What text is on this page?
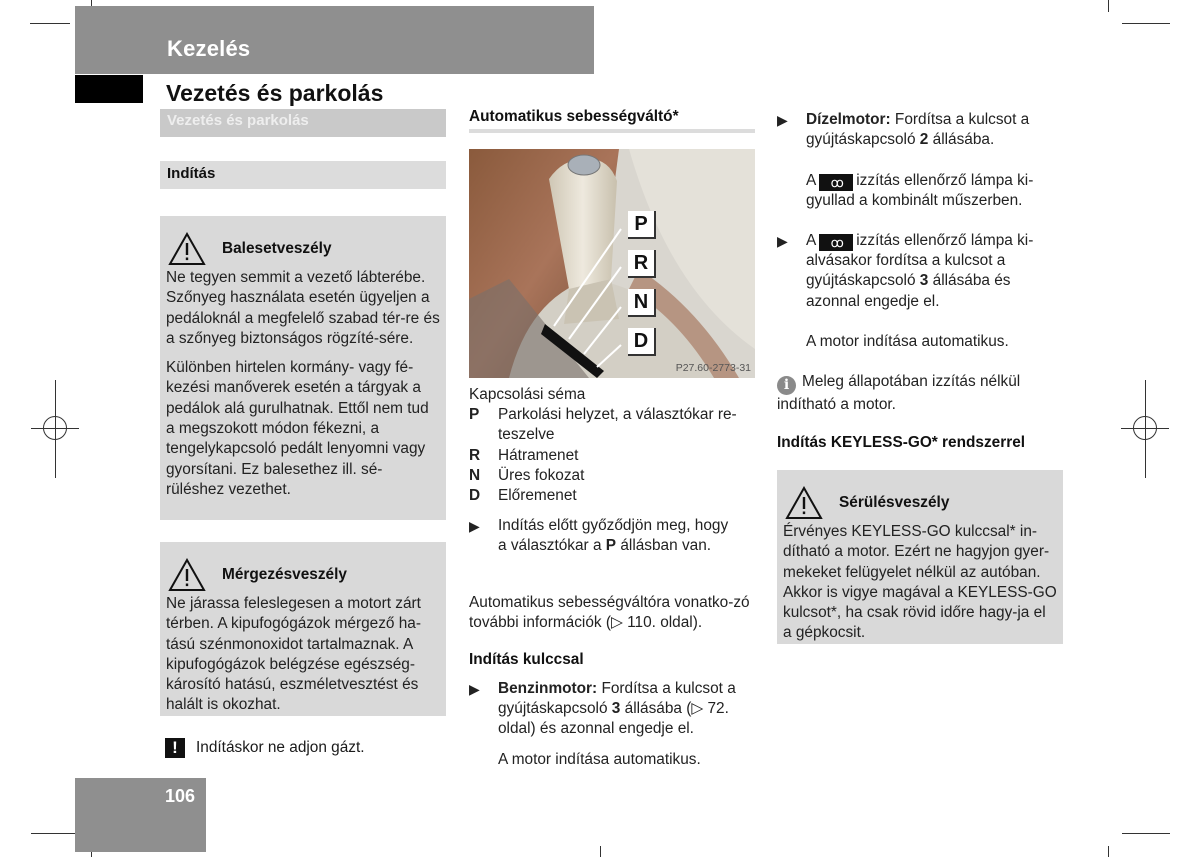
Kezelés
Vezetés és parkolás
Vezetés és parkolás
Indítás
Balesetveszély

Ne tegyen semmit a vezető lábterébe. Szőnyeg használata esetén ügyeljen a pedáloknál a megfelelő szabad tér-re és a szőnyeg biztonságos rögzíté-sére.

Különben hirtelen kormány- vagy fé-kezési manőverek esetén a tárgyak a pedálok alá gurulhatnak. Ettől nem tud a megszokott módon fékezni, a tengelykapcsoló pedált lenyomni vagy gyorsítani. Ez balesethez ill. sé-rüléshez vezethet.

Mérgezésveszély

Ne járassa feleslegesen a motort zárt térben. A kipufogógázok mérgező ha-tású szénmonoxidot tartalmaznak. A kipufogógázok belégzése egészség-károsító hatású, eszméletvesztést és halált is okozhat.

!	Indításkor ne adjon gázt.
106
Automatikus sebességváltó*
P
R
N
D
P27.60-2773-31
Kapcsolási séma
P	Parkolási helyzet, a választókar re-
teszelve
R	Hátramenet
N	Üres fokozat
D	Előremenet
▶	Indítás előtt győződjön meg, hogy a választókar a P állásban van.
Automatikus sebességváltóra vonatko-zó további információk (▷ 110. oldal).
Indítás kulccsal
▶	Benzinmotor: Fordítsa a kulcsot a gyújtáskapcsoló 3 állásába (▷ 72. oldal) és azonnal engedje el.
A motor indítása automatikus.
▶	Dízelmotor: Fordítsa a kulcsot a gyújtáskapcsoló 2 állásába.
A ꝏ izzítás ellenőrző lámpa ki-gyullad a kombinált műszerben.
▶	A ꝏ izzítás ellenőrző lámpa ki-alvásakor fordítsa a kulcsot a gyújtáskapcsoló 3 állásába és azonnal engedje el.
A motor indítása automatikus.
i Meleg állapotában izzítás nélkül indítható a motor.
Indítás KEYLESS-GO* rendszerrel
Sérülésveszély

Érvényes KEYLESS-GO kulccsal* in-dítható a motor. Ezért ne hagyjon gyer-mekeket felügyelet nélkül az autóban. Akkor is vigye magával a KEYLESS-GO kulcsot*, ha csak rövid időre hagy-ja el a gépkocsit.
